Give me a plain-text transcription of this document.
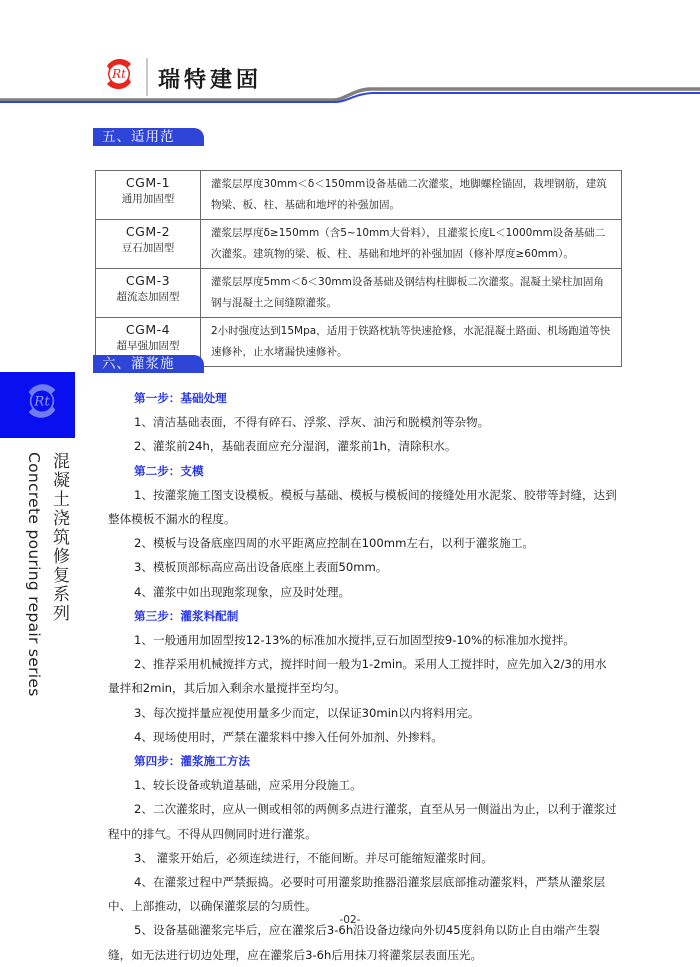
Rt 瑞特建固
五、适用范围
CGM-1
通用加固型	灌浆层厚度30mm＜δ＜150mm设备基础二次灌浆，地脚螺栓锚固，栽埋钢筋，建筑物梁、板、柱、基础和地坪的补强加固。

CGM-2
豆石加固型	灌浆层厚度δ≥150mm（含5~10mm大骨料），且灌浆长度L＜1000mm设备基础二次灌浆。建筑物的梁、板、柱、基础和地坪的补强加固（修补厚度≥60mm）。

CGM-3
超流态加固型	灌浆层厚度5mm＜δ＜30mm设备基础及钢结构柱脚板二次灌浆。混凝土梁柱加固角钢与混凝土之间缝隙灌浆。

CGM-4
超早强加固型	2小时强度达到15Mpa，适用于铁路枕轨等快速抢修，水泥混凝土路面、机场跑道等快速修补，止水堵漏快速修补。
Rt
混凝土浇筑修复系列
Concrete pouring repair series
六、灌浆施工
第一步：基础处理

1、清洁基础表面，不得有碎石、浮浆、浮灰、油污和脱模剂等杂物。

2、灌浆前24h，基础表面应充分湿润，灌浆前1h，清除积水。

第二步：支模

1、按灌浆施工图支设模板。模板与基础、模板与模板间的接缝处用水泥浆、胶带等封缝，达到整体模板不漏水的程度。

2、模板与设备底座四周的水平距离应控制在100mm左右，以利于灌浆施工。

3、模板顶部标高应高出设备底座上表面50mm。

4、灌浆中如出现跑浆现象，应及时处理。

第三步：灌浆料配制

1、一般通用加固型按12-13%的标准加水搅拌,豆石加固型按9-10%的标准加水搅拌。

2、推荐采用机械搅拌方式，搅拌时间一般为1-2min。采用人工搅拌时，应先加入2/3的用水量拌和2min，其后加入剩余水量搅拌至均匀。

3、每次搅拌量应视使用量多少而定，以保证30min以内将料用完。

4、现场使用时，严禁在灌浆料中掺入任何外加剂、外掺料。

第四步：灌浆施工方法

1、较长设备或轨道基础，应采用分段施工。

2、二次灌浆时，应从一侧或相邻的两侧多点进行灌浆，直至从另一侧溢出为止，以利于灌浆过程中的排气。不得从四侧同时进行灌浆。

3、 灌浆开始后，必须连续进行，不能间断。并尽可能缩短灌浆时间。

4、在灌浆过程中严禁振捣。必要时可用灌浆助推器沿灌浆层底部推动灌浆料，严禁从灌浆层中、上部推动，以确保灌浆层的匀质性。

5、设备基础灌浆完毕后，应在灌浆后3-6h沿设备边缘向外切45度斜角以防止自由端产生裂缝，如无法进行切边处理，应在灌浆后3-6h后用抹刀将灌浆层表面压光。

-02-
